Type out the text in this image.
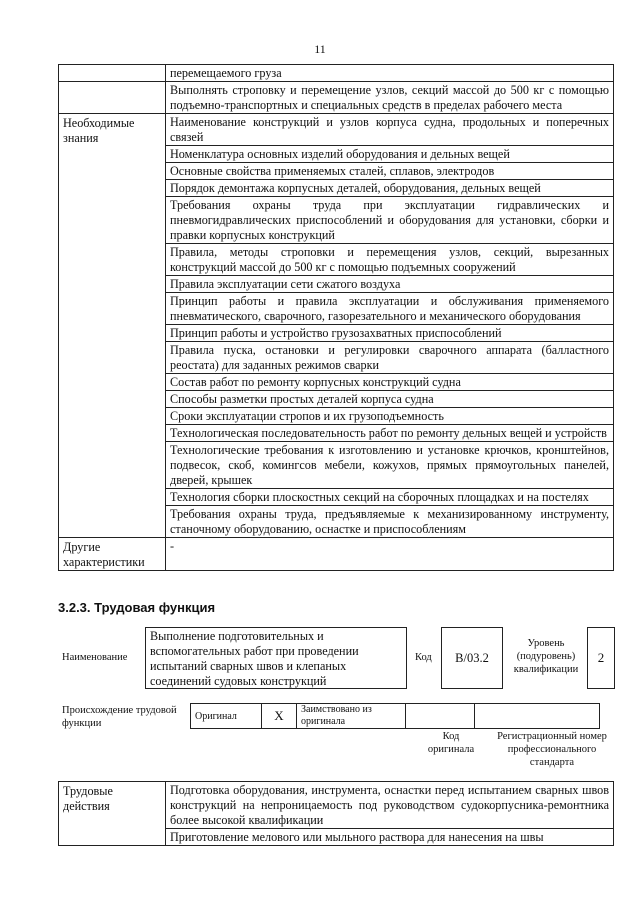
11
	перемещаемого груза
	Выполнять строповку и перемещение узлов, секций массой до 500 кг с помощью подъемно-транспортных и специальных средств в пределах рабочего места
Необходимые знания	Наименование конструкций и узлов корпуса судна, продольных и поперечных связей
	Номенклатура основных изделий оборудования и дельных вещей
	Основные свойства применяемых сталей, сплавов, электродов
	Порядок демонтажа корпусных деталей, оборудования, дельных вещей
	Требования охраны труда при эксплуатации гидравлических и пневмогидравлических приспособлений и оборудования для установки, сборки и правки корпусных конструкций
	Правила, методы строповки и перемещения узлов, секций, вырезанных конструкций массой до 500 кг с помощью подъемных сооружений
	Правила эксплуатации сети сжатого воздуха
	Принцип работы и правила эксплуатации и обслуживания применяемого пневматического, сварочного, газорезательного и механического оборудования
	Принцип работы и устройство грузозахватных приспособлений
	Правила пуска, остановки и регулировки сварочного аппарата (балластного реостата) для заданных режимов сварки
	Состав работ по ремонту корпусных конструкций судна
	Способы разметки простых деталей корпуса судна
	Сроки эксплуатации стропов и их грузоподъемность
	Технологическая последовательность работ по ремонту дельных вещей и устройств
	Технологические требования к изготовлению и установке крючков, кронштейнов, подвесок, скоб, комингсов мебели, кожухов, прямых прямоугольных панелей, дверей, крышек
	Технология сборки плоскостных секций на сборочных площадках и на постелях
	Требования охраны труда, предъявляемые к механизированному инструменту, станочному оборудованию, оснастке и приспособлениям
Другие характеристики	-
3.2.3. Трудовая функция
Наименование
Выполнение подготовительных и вспомогательных работ при проведении испытаний сварных швов и клепаных соединений судовых конструкций
Код	В/03.2
Уровень (подуровень) квалификации
2
Происхождение трудовой функции
Оригинал	X	Заимствовано из оригинала		
Код оригинала
Регистрационный номер профессионального стандарта
Трудовые действия	Подготовка оборудования, инструмента, оснастки перед испытанием сварных швов конструкций на непроницаемость под руководством судокорпусника-ремонтника более высокой квалификации
Приготовление мелового или мыльного раствора для нанесения на швы
